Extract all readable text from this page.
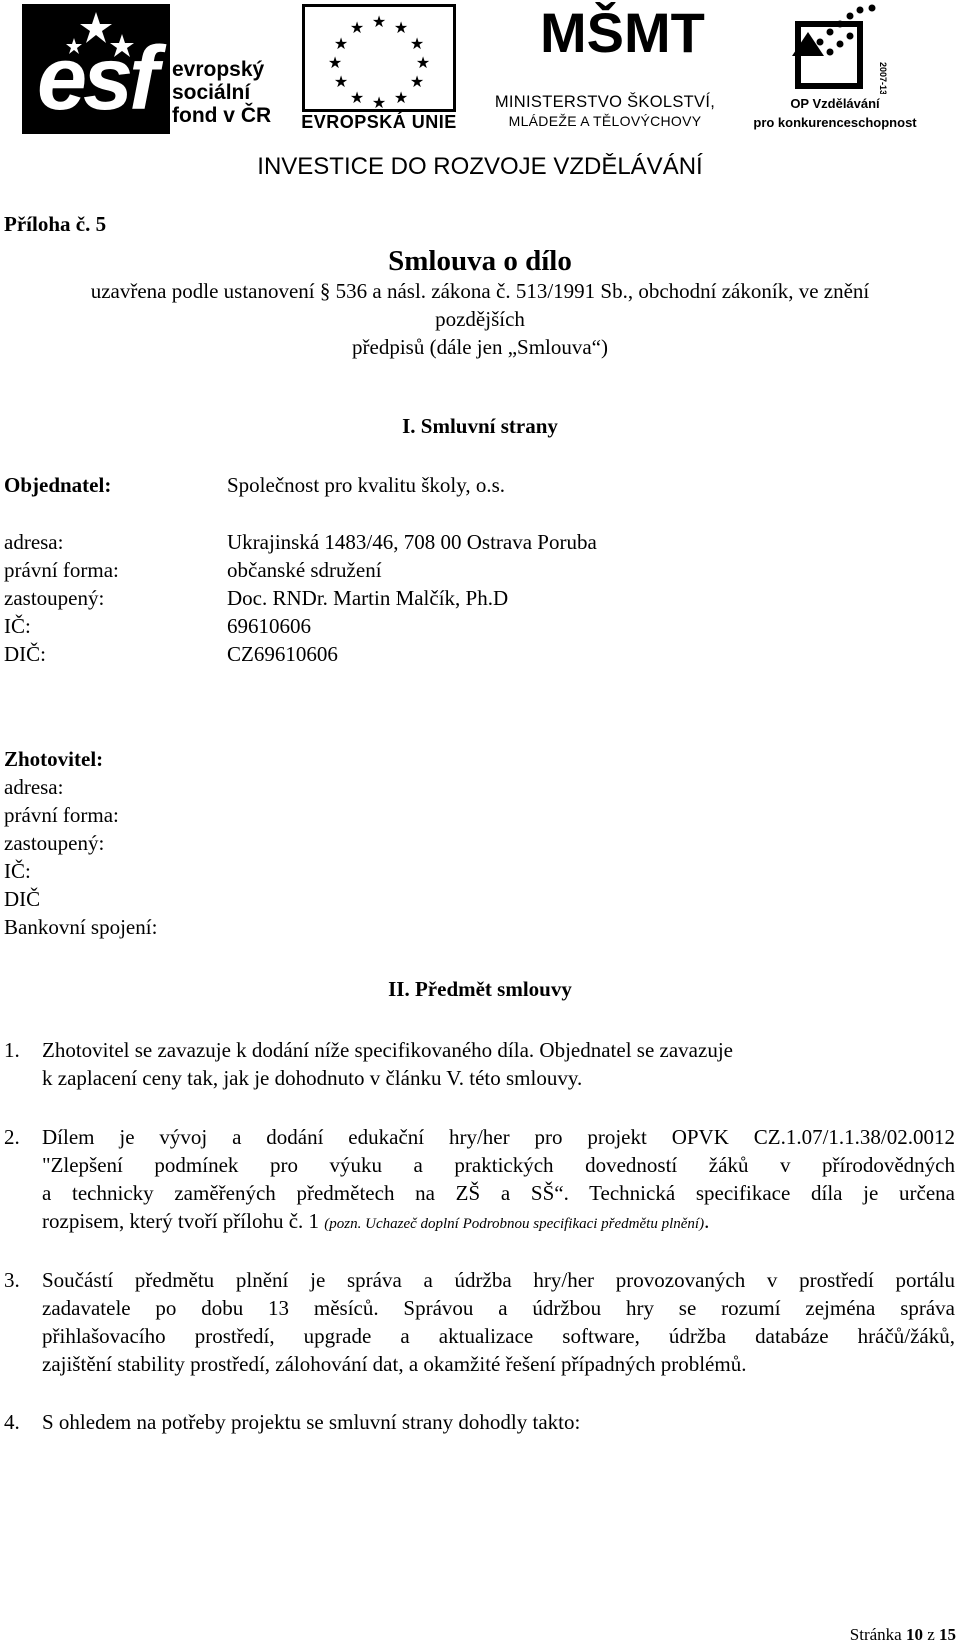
esf evropský
sociální
fond v ČR
★ ★
★
★
★
★
★
★
★
★
★
★
EVROPSKÁ UNIE
MŠMT
MINISTERSTVO ŠKOLSTVÍ,
MLÁDEŽE A TĚLOVÝCHOVY
2007-13
OP Vzdělávání
pro konkurenceschopnost
INVESTICE DO ROZVOJE VZDĚLÁVÁNÍ
Příloha č. 5
Smlouva o dílo
uzavřena podle ustanovení § 536 a násl. zákona č. 513/1991 Sb., obchodní zákoník, ve znění
pozdějších
předpisů (dále jen „Smlouva“)
I. Smluvní strany
Objednatel:	Společnost pro kvalitu školy, o.s.
adresa:	Ukrajinská 1483/46, 708 00 Ostrava Poruba
právní forma:	občanské sdružení
zastoupený:	Doc. RNDr. Martin Malčík, Ph.D
IČ:	69610606
DIČ:	CZ69610606
Zhotovitel:
adresa:
právní forma:
zastoupený:
IČ:
DIČ
Bankovní spojení:
II. Předmět smlouvy
1. Zhotovitel se zavazuje k dodání níže specifikovaného díla. Objednatel se zavazuje
k zaplacení ceny tak, jak je dohodnuto v článku V. této smlouvy.
2. Dílem je vývoj a dodání edukační hry/her pro projekt OPVK CZ.1.07/1.1.38/02.0012
"Zlepšení podmínek pro výuku a praktických dovedností žáků v přírodovědných
a technicky zaměřených předmětech na ZŠ a SŠ“. Technická specifikace díla je určena
rozpisem, který tvoří přílohu č. 1 (pozn. Uchazeč doplní Podrobnou specifikaci předmětu plnění).
3. Součástí předmětu plnění je správa a údržba hry/her provozovaných v prostředí portálu
zadavatele po dobu 13 měsíců. Správou a údržbou hry se rozumí zejména správa
přihlašovacího prostředí, upgrade a aktualizace software, údržba databáze hráčů/žáků,
zajištění stability prostředí, zálohování dat, a okamžité řešení případných problémů.
4. S ohledem na potřeby projektu se smluvní strany dohodly takto:
Stránka 10 z 15
